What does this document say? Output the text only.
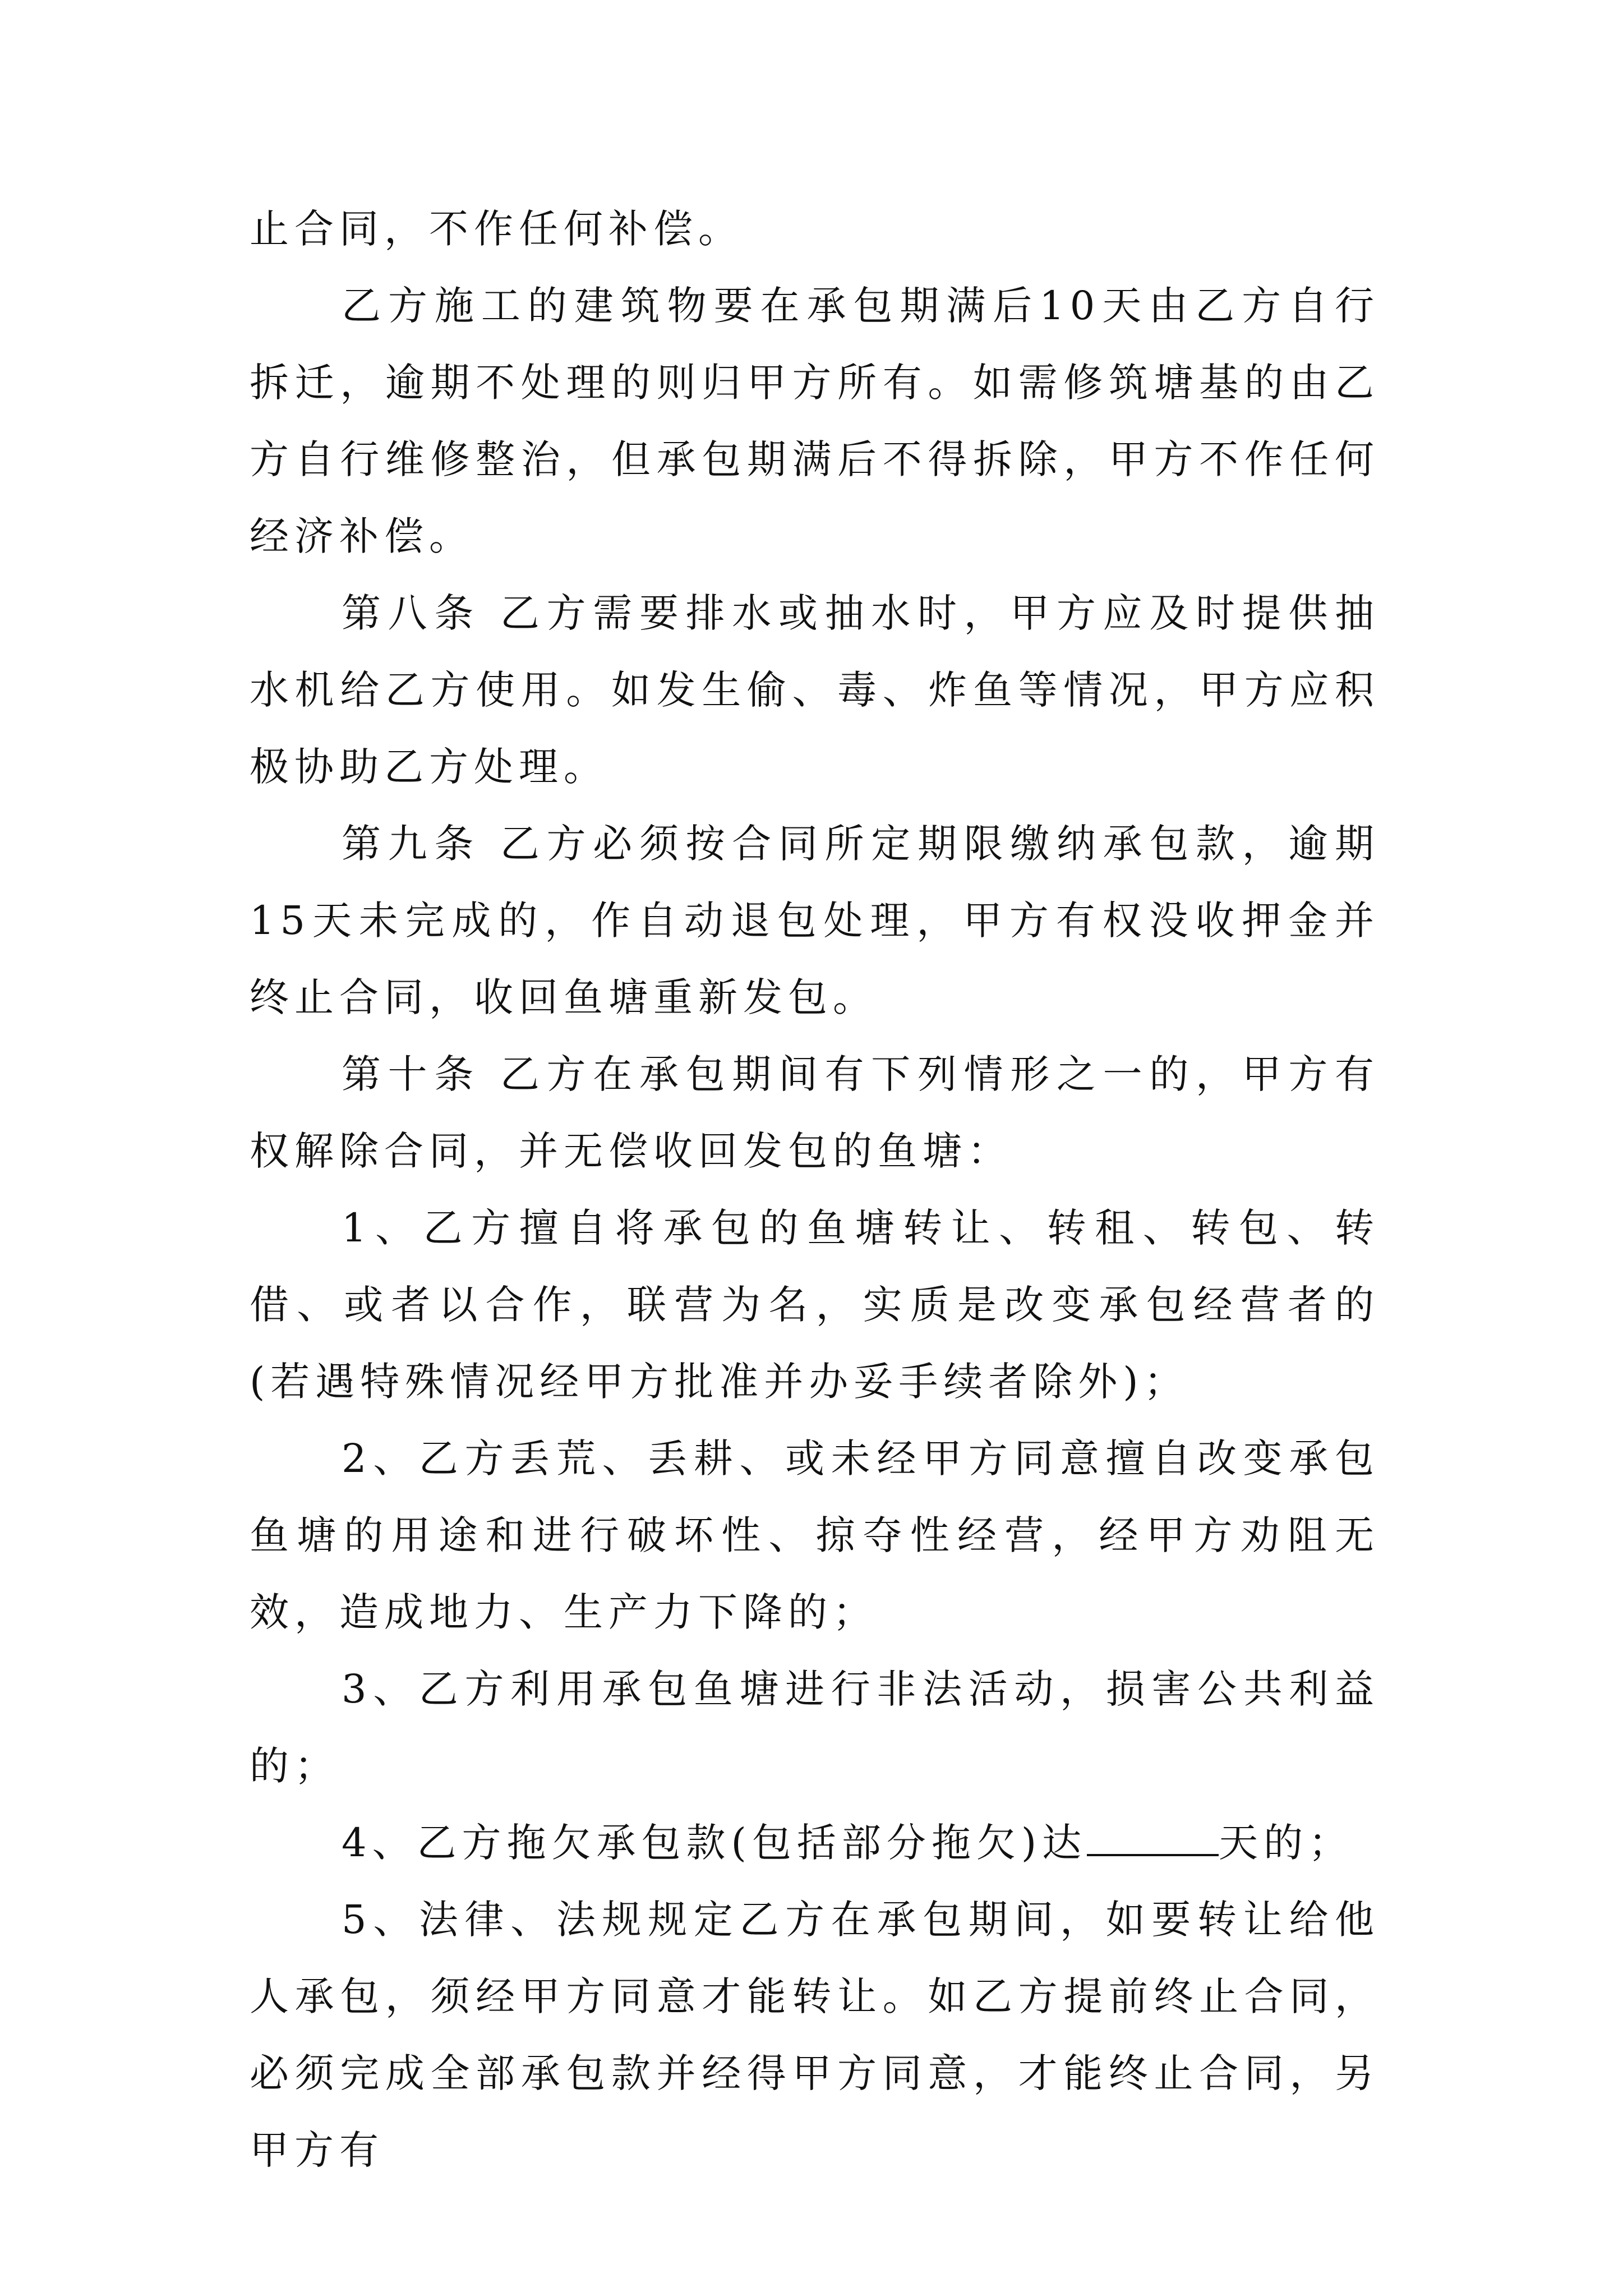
止合同，不作任何补偿。

乙方施工的建筑物要在承包期满后10天由乙方自行拆迁，逾期不处理的则归甲方所有。如需修筑塘基的由乙方自行维修整治，但承包期满后不得拆除，甲方不作任何经济补偿。

第八条 乙方需要排水或抽水时，甲方应及时提供抽水机给乙方使用。如发生偷、毒、炸鱼等情况，甲方应积极协助乙方处理。

第九条 乙方必须按合同所定期限缴纳承包款，逾期15天未完成的，作自动退包处理，甲方有权没收押金并终止合同，收回鱼塘重新发包。

第十条 乙方在承包期间有下列情形之一的，甲方有权解除合同，并无偿收回发包的鱼塘：

1、乙方擅自将承包的鱼塘转让、转租、转包、转借、或者以合作，联营为名，实质是改变承包经营者的(若遇特殊情况经甲方批准并办妥手续者除外)；

2、乙方丢荒、丢耕、或未经甲方同意擅自改变承包鱼塘的用途和进行破坏性、掠夺性经营，经甲方劝阻无效，造成地力、生产力下降的；

3、乙方利用承包鱼塘进行非法活动，损害公共利益的；

4、乙方拖欠承包款(包括部分拖欠)达	天的；

5、法律、法规规定乙方在承包期间，如要转让给他人承包，须经甲方同意才能转让。如乙方提前终止合同，必须完成全部承包款并经得甲方同意，才能终止合同，另甲方有
